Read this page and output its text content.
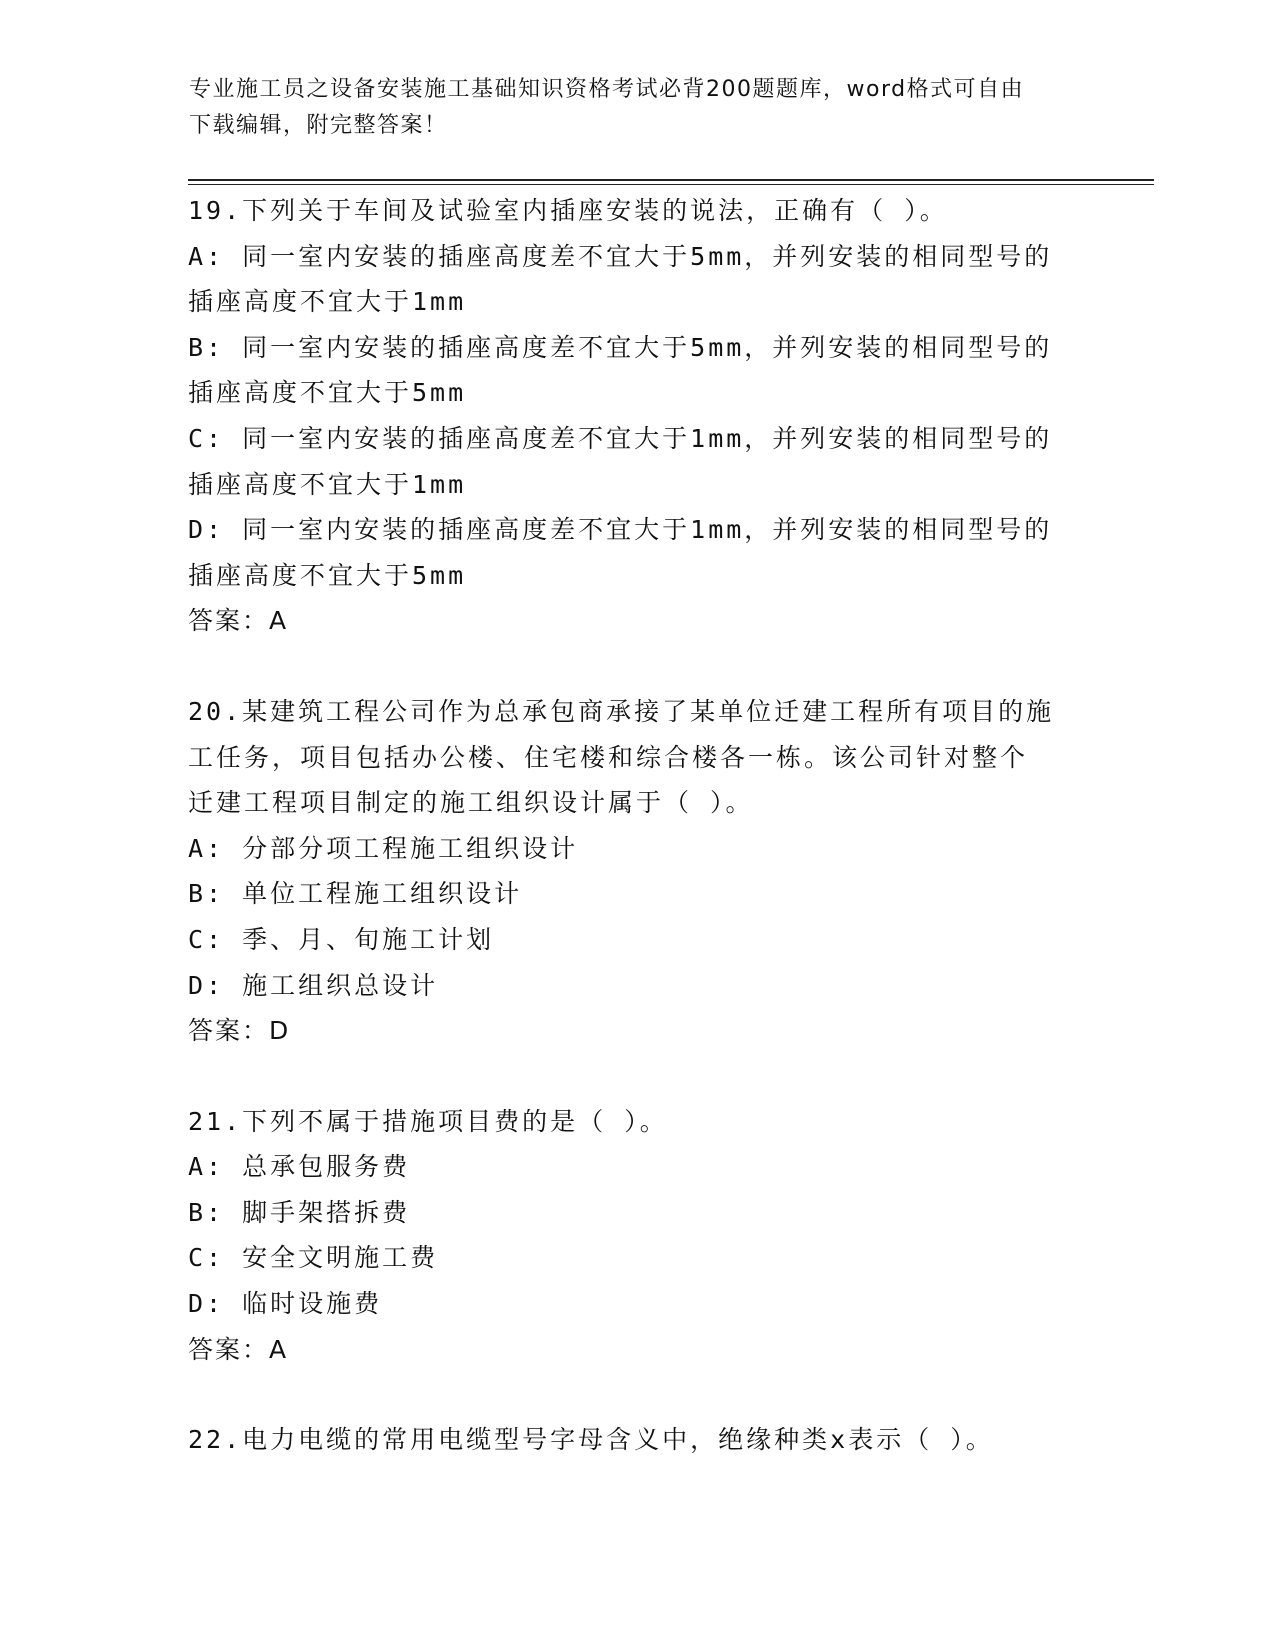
专业施工员之设备安装施工基础知识资格考试必背200题题库，word格式可自由
下载编辑，附完整答案！
19.下列关于车间及试验室内插座安装的说法，正确有（ ）。
A: 同一室内安装的插座高度差不宜大于5mm，并列安装的相同型号的
插座高度不宜大于1mm
B: 同一室内安装的插座高度差不宜大于5mm，并列安装的相同型号的
插座高度不宜大于5mm
C: 同一室内安装的插座高度差不宜大于1mm，并列安装的相同型号的
插座高度不宜大于1mm
D: 同一室内安装的插座高度差不宜大于1mm，并列安装的相同型号的
插座高度不宜大于5mm
答案：A
20.某建筑工程公司作为总承包商承接了某单位迁建工程所有项目的施
工任务，项目包括办公楼、住宅楼和综合楼各一栋。该公司针对整个
迁建工程项目制定的施工组织设计属于（ ）。
A: 分部分项工程施工组织设计
B: 单位工程施工组织设计
C: 季、月、旬施工计划
D: 施工组织总设计
答案：D
21.下列不属于措施项目费的是（ ）。
A: 总承包服务费
B: 脚手架搭拆费
C: 安全文明施工费
D: 临时设施费
答案：A
22.电力电缆的常用电缆型号字母含义中，绝缘种类x表示（ ）。
